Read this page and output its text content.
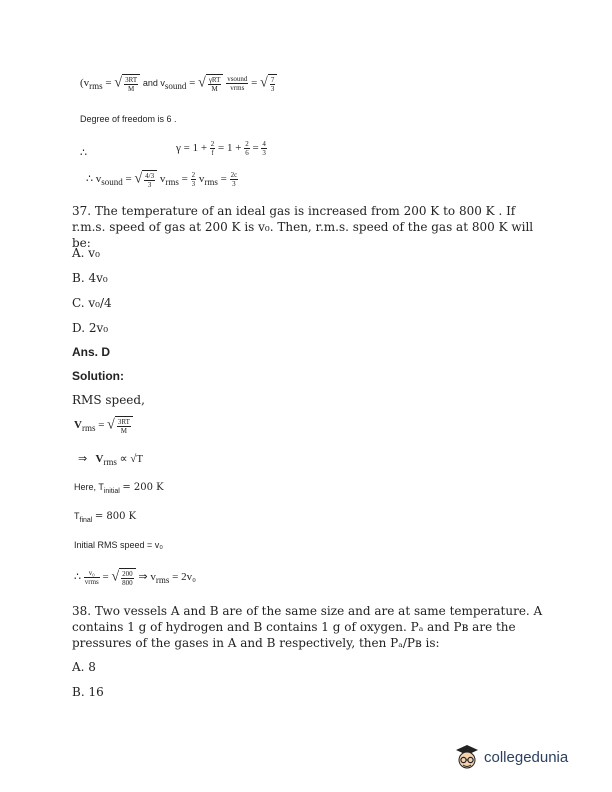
($v_{rms}$ = √ $\frac{3RT}{M}$ and $v_{sound}$ = √ $\frac{\text{γRT}}{M}$
$\frac{\text{vsound}}{\text{vrms}}$ = √ $\frac{7}{3}$
Degree of freedom is 6 .
∴	$\gamma = 1 + \frac{2}{f} = 1 + \frac{2}{6} = \frac{4}{3}$
∴ $v_{sound}$ = √ $\frac{4/3}{3} v_{rms} = \frac{2}{3} v_{rms} = \frac{2c}{3}$
37. The temperature of an ideal gas is increased from 200 K to 800 K . If r.m.s. speed of gas at 200 K is v₀. Then, r.m.s. speed of the gas at 800 K will be:
A. v₀
B. 4v₀
C. v₀/4
D. 2v₀
Ans. D
Solution:
RMS speed,
$V_{rms}$ = √ $\frac{3RT}{M}$
⇒ $V_{rms} \propto √T$
Here, $T_{initial} = 200$ K
$T_{final} = 800$ K
Initial RMS speed = v₀
∴ $\frac{\text{v₀}}{\text{vrms}}$ = √ $\frac{200}{800}$ ⇒ $v_{rms} = 2v_0$
38. Two vessels A and B are of the same size and are at same temperature. A contains 1 g of hydrogen and B contains 1 g of oxygen. Pₐ and Pʙ are the pressures of the gases in A and B respectively, then Pₐ/Pʙ is:
A. 8
B. 16
collegedunia
